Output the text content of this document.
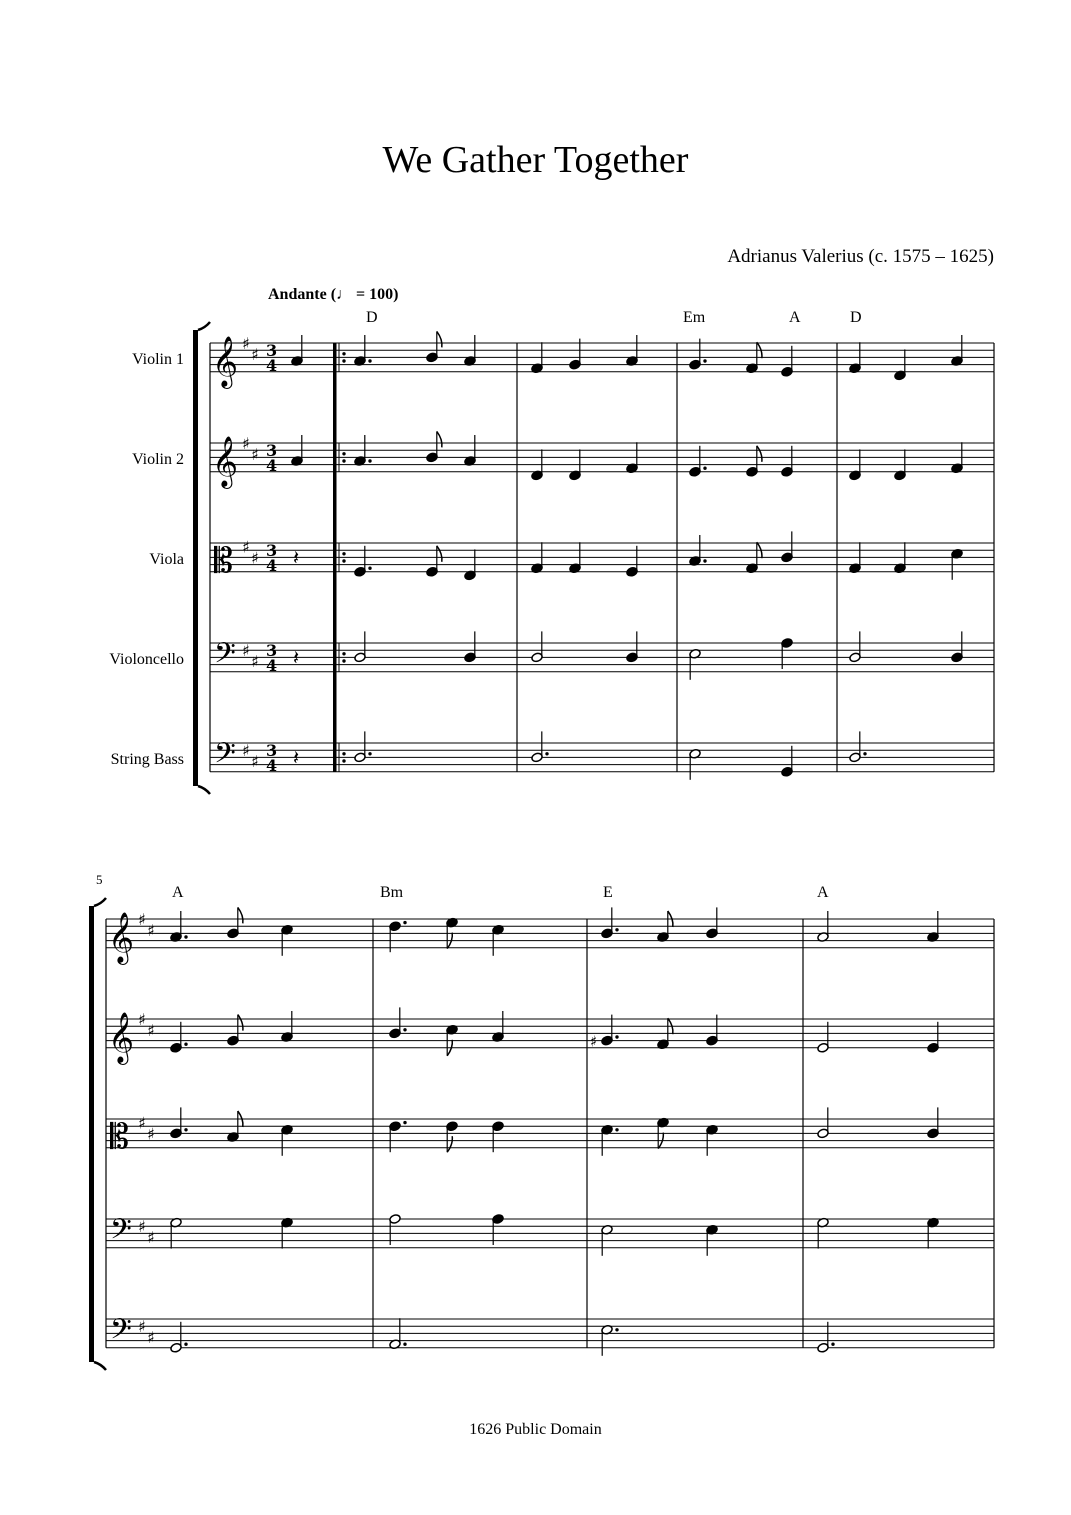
We Gather Together
Adrianus Valerius (c. 1575 – 1625)
Andante (♩ = 100)
Violin 1
Violin 2
Viola
Violoncello
String Bass
D	Em	A	D
5
A	Bm	E	A
𝄞 ♯
♯ 3
4
𝄞 ♯
♯ 3
4
𝄡 ♯
♯ 3
4
𝄢 ♯
♯
3
4
𝄢 ♯
♯
3
4
𝄞 ♯
♯
𝄞 ♯
♯
𝄡 ♯
♯
𝄢 ♯
♯
𝄢 ♯
♯
𝄽
𝄽
𝄽
♯
1626 Public Domain
